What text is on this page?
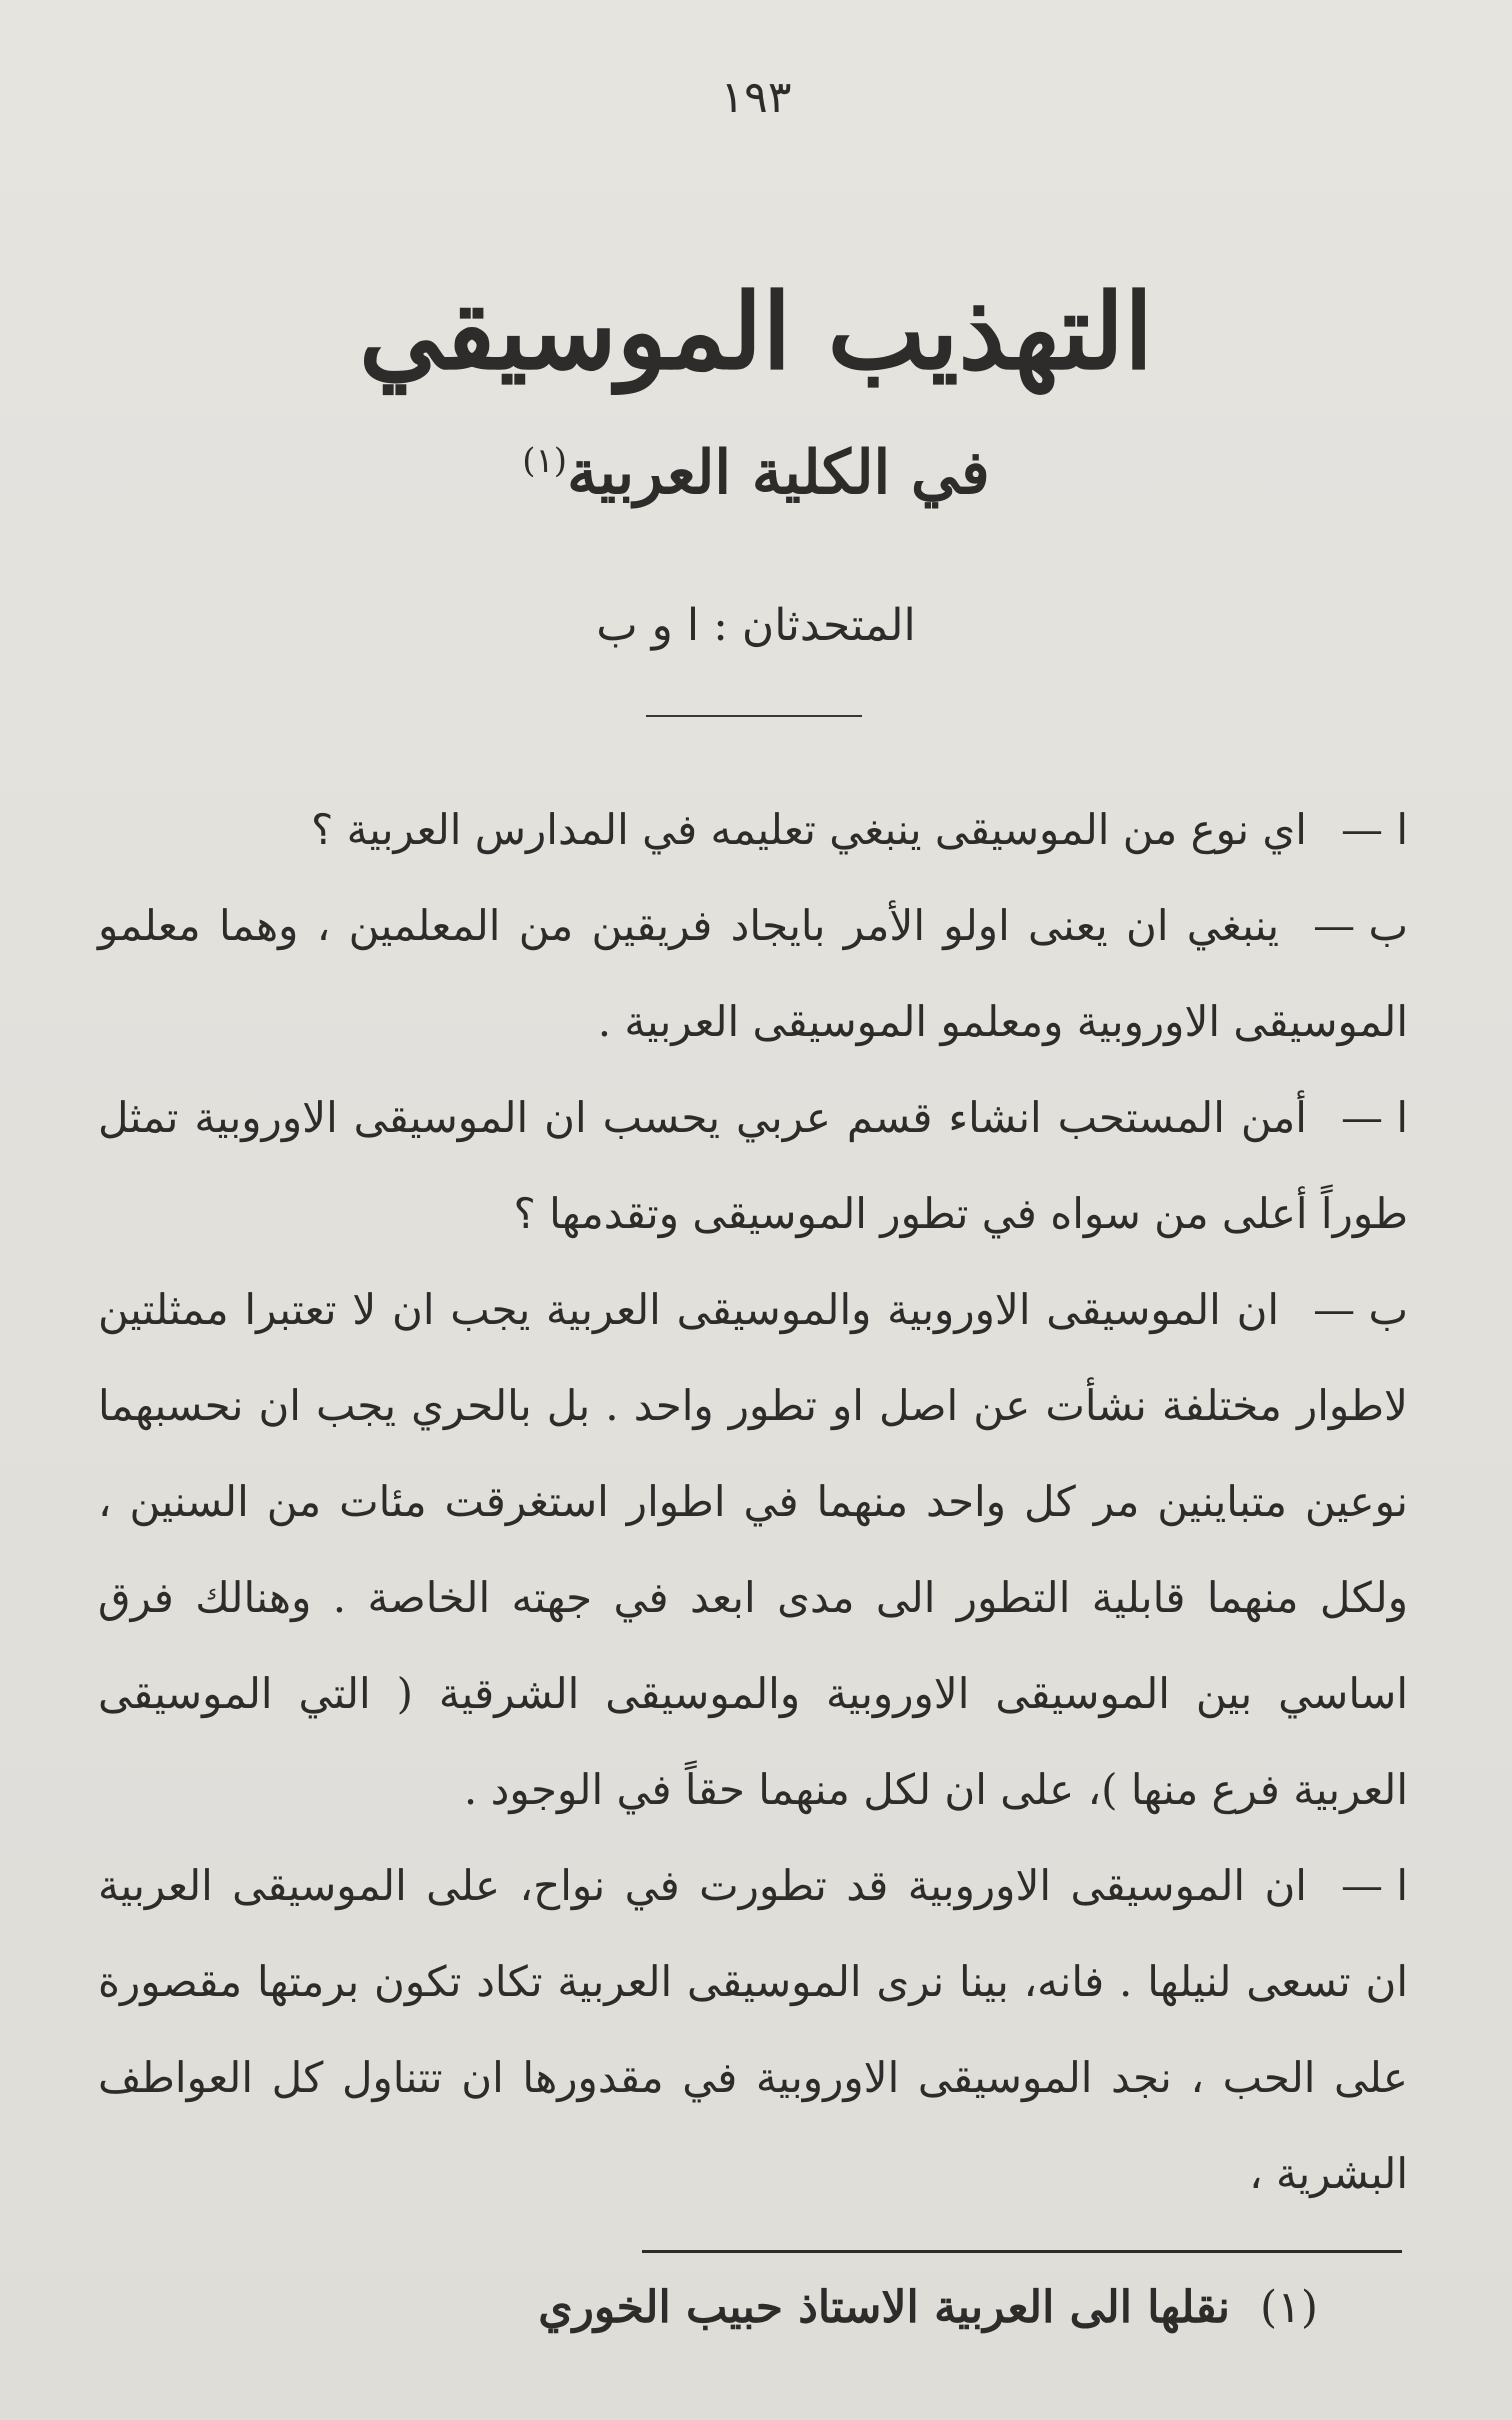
١٩٣
التهذيب الموسيقي
في الكلية العربية$^{(١)}$
المتحدثان : ا و ب

ا —اي نوع من الموسيقى ينبغي تعليمه في المدارس العربية ؟

ب —ينبغي ان يعنى اولو الأمر بايجاد فريقين من المعلمين ، وهما معلمو الموسيقى الاوروبية ومعلمو الموسيقى العربية .

ا —أمن المستحب انشاء قسم عربي يحسب ان الموسيقى الاوروبية تمثل طوراً أعلى من سواه في تطور الموسيقى وتقدمها ؟

ب —ان الموسيقى الاوروبية والموسيقى العربية يجب ان لا تعتبرا ممثلتين لاطوار مختلفة نشأت عن اصل او تطور واحد . بل بالحري يجب ان نحسبهما نوعين متباينين مر كل واحد منهما في اطوار استغرقت مئات من السنين ، ولكل منهما قابلية التطور الى مدى ابعد في جهته الخاصة . وهنالك فرق اساسي بين الموسيقى الاوروبية والموسيقى الشرقية ( التي الموسيقى العربية فرع منها )، على ان لكل منهما حقاً في الوجود .

ا —ان الموسيقى الاوروبية قد تطورت في نواح، على الموسيقى العربية ان تسعى لنيلها . فانه، بينا نرى الموسيقى العربية تكاد تكون برمتها مقصورة على الحب ، نجد الموسيقى الاوروبية في مقدورها ان تتناول كل العواطف البشرية ،

(١)نقلها الى العربية الاستاذ حبيب الخوري
